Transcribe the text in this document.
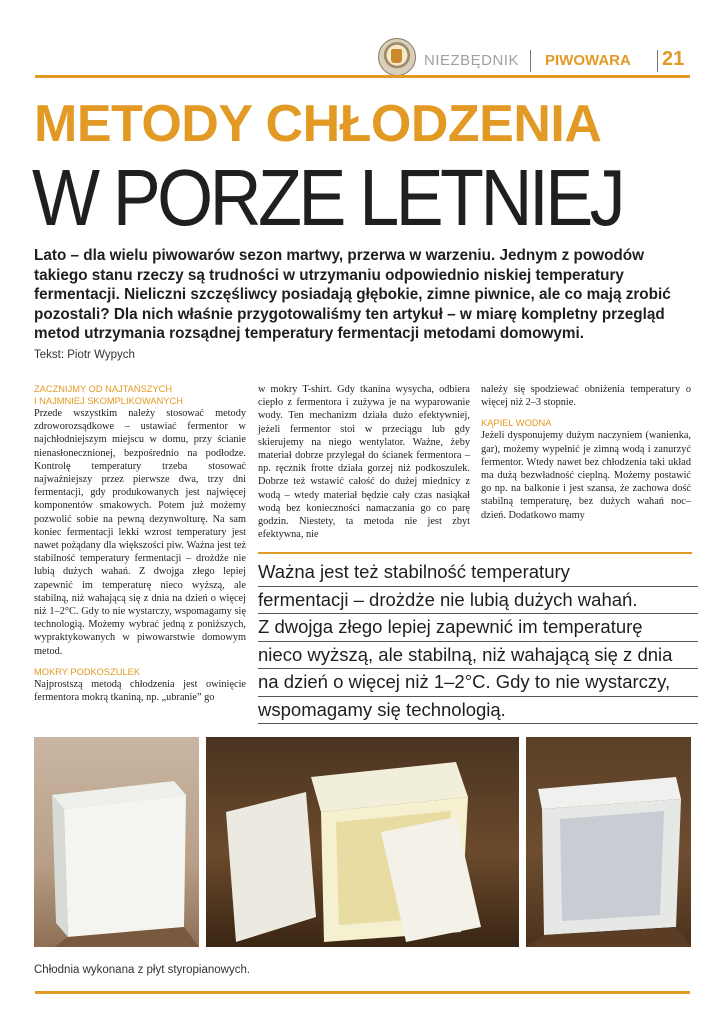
NIEZBĘDNIK PIWOWARA 21
METODY CHŁODZENIA
W PORZE LETNIEJ
Lato – dla wielu piwowarów sezon martwy, przerwa w warzeniu. Jednym z powodów takiego stanu rzeczy są trudności w utrzymaniu odpowiednio niskiej temperatury fermentacji. Nieliczni szczęśliwcy posiadają głębokie, zimne piwnice, ale co mają zrobić pozostali? Dla nich właśnie przygotowaliśmy ten artykuł – w miarę kompletny przegląd metod utrzymania rozsądnej temperatury fermentacji metodami domowymi.
Tekst: Piotr Wypych

ZACZNIJMY OD NAJTAŃSZYCH

I NAJMNIEJ SKOMPLIKOWANYCH

Przede wszystkim należy stosować metody zdroworozsądkowe – ustawiać fermentor w najchłodniejszym miejscu w domu, przy ścianie nienasłonecznionej, bezpośrednio na podłodze. Kontrolę temperatury trzeba stosować najważniejszy przez pierwsze dwa, trzy dni fermentacji, gdy produkowanych jest najwięcej komponentów smakowych. Potem już możemy pozwolić sobie na pewną dezynwolturę. Na sam koniec fermentacji lekki wzrost temperatury jest nawet pożądany dla większości piw. Ważna jest też stabilność temperatury fermentacji – drożdże nie lubią dużych wahań. Z dwojga złego lepiej zapewnić im temperaturę nieco wyższą, ale stabilną, niż wahającą się z dnia na dzień o więcej niż 1–2°C. Gdy to nie wystarczy, wspomagamy się technologią. Możemy wybrać jedną z poniższych, wypraktykowanych w piwowarstwie domowym metod.

MOKRY PODKOSZULEK

Najprostszą metodą chłodzenia jest owinięcie fermentora mokrą tkaniną, np. „ubranie” go

w mokry T-shirt. Gdy tkanina wysycha, odbiera ciepło z fermentora i zużywa je na wyparowanie wody. Ten mechanizm działa dużo efektywniej, jeżeli fermentor stoi w przeciągu lub gdy skierujemy na niego wentylator. Ważne, żeby materiał dobrze przylegał do ścianek fermentora – np. ręcznik frotte działa gorzej niż podkoszulek. Dobrze też wstawić całość do dużej miednicy z wodą – wtedy materiał będzie cały czas nasiąkał wodą bez konieczności namaczania go co parę godzin. Niestety, ta metoda nie jest zbyt efektywna, nie

należy się spodziewać obniżenia temperatury o więcej niż 2–3 stopnie.

KĄPIEL WODNA

Jeżeli dysponujemy dużym naczyniem (wanienka, gar), możemy wypełnić je zimną wodą i zanurzyć fermentor. Wtedy nawet bez chłodzenia taki układ ma dużą bezwładność cieplną. Możemy postawić go np. na balkonie i jest szansa, że zachowa dość stabilną temperaturę, bez dużych wahań noc–dzień. Dodatkowo mamy

Ważna jest też stabilność temperatury
fermentacji – drożdże nie lubią dużych wahań.
Z dwojga złego lepiej zapewnić im temperaturę
nieco wyższą, ale stabilną, niż wahającą się z dnia
na dzień o więcej niż 1–2°C. Gdy to nie wystarczy,
wspomagamy się technologią.
Chłodnia wykonana z płyt styropianowych.
